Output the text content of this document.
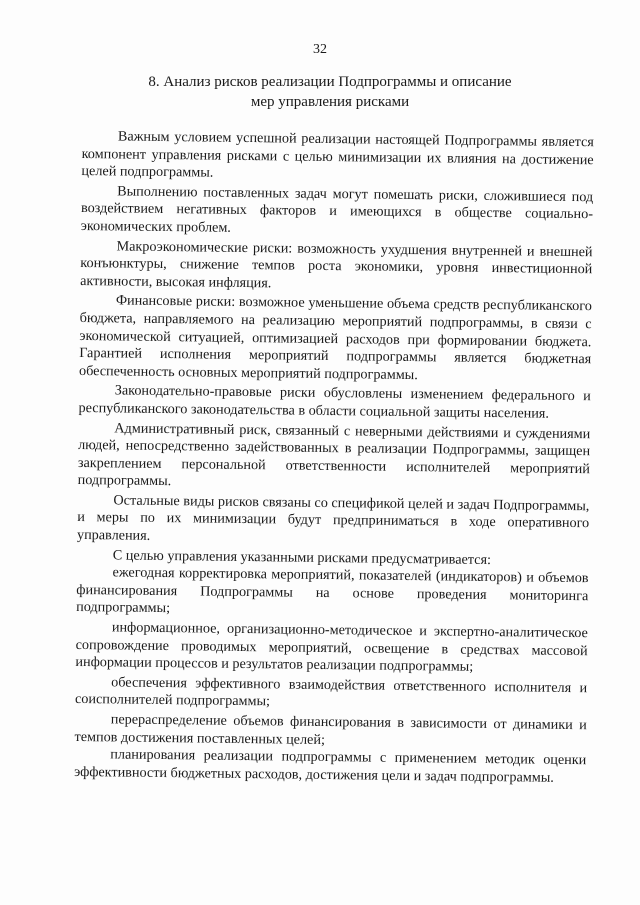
32
8. Анализ рисков реализации Подпрограммы и описание
мер управления рисками

Важным условием успешной реализации настоящей Подпрограммы является компонент управления рисками с целью минимизации их влияния на достижение целей подпрограммы.

Выполнению поставленных задач могут помешать риски, сложившиеся под воздействием негативных факторов и имеющихся в обществе социально-экономических проблем.

Макроэкономические риски: возможность ухудшения внутренней и внешней конъюнктуры, снижение темпов роста экономики, уровня инвестиционной активности, высокая инфляция.

Финансовые риски: возможное уменьшение объема средств республиканского бюджета, направляемого на реализацию мероприятий подпрограммы, в связи с экономической ситуацией, оптимизацией расходов при формировании бюджета. Гарантией исполнения мероприятий подпрограммы является бюджетная обеспеченность основных мероприятий подпрограммы.

Законодательно-правовые риски обусловлены изменением федерального и республиканского законодательства в области социальной защиты населения.

Административный риск, связанный с неверными действиями и суждениями людей, непосредственно задействованных в реализации Подпрограммы, защищен закреплением персональной ответственности исполнителей мероприятий подпрограммы.

Остальные виды рисков связаны со спецификой целей и задач Подпрограммы, и меры по их минимизации будут предприниматься в ходе оперативного управления.

С целью управления указанными рисками предусматривается:

ежегодная корректировка мероприятий, показателей (индикаторов) и объемов финансирования Подпрограммы на основе проведения мониторинга подпрограммы;

информационное, организационно-методическое и экспертно-аналитическое сопровождение проводимых мероприятий, освещение в средствах массовой информации процессов и результатов реализации подпрограммы;

обеспечения эффективного взаимодействия ответственного исполнителя и соисполнителей подпрограммы;

перераспределение объемов финансирования в зависимости от динамики и темпов достижения поставленных целей;

планирования реализации подпрограммы с применением методик оценки эффективности бюджетных расходов, достижения цели и задач подпрограммы.
